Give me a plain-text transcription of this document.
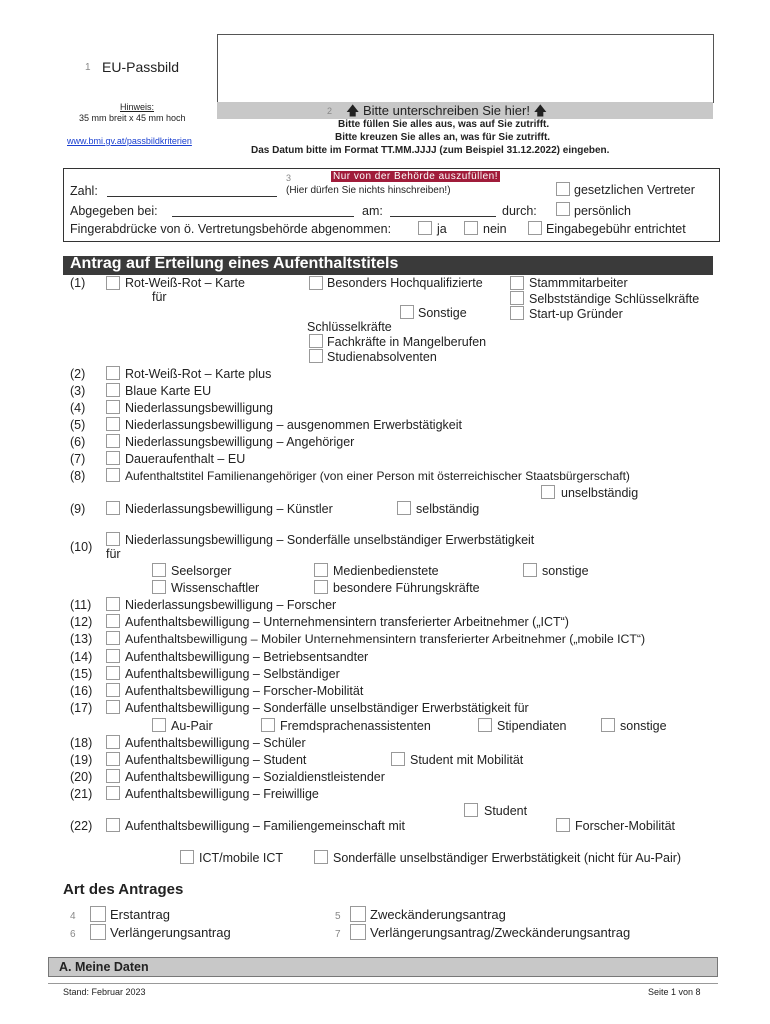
1 EU-Passbild
Hinweis:
35 mm breit x 45 mm hoch
www.bmi.gv.at/passbildkriterien
2 🡅 Bitte unterschreiben Sie hier! 🡅
Bitte füllen Sie alles aus, was auf Sie zutrifft.
Bitte kreuzen Sie alles an, was für Sie zutrifft.
Das Datum bitte im Format TT.MM.JJJJ (zum Beispiel 31.12.2022) eingeben.
3	Nur von der Behörde auszufüllen!
Zahl:	(Hier dürfen Sie nichts hinschreiben!)	gesetzlichen Vertreter
Abgegeben bei:	am:	durch:	persönlich
Fingerabdrücke von ö. Vertretungsbehörde abgenommen:	ja	nein	Eingabegebühr entrichtet
Antrag auf Erteilung eines Aufenthaltstitels
(1)	Rot-Weiß-Rot – Karte
für
Besonders Hochqualifizierte
Sonstige
Schlüsselkräfte
Fachkräfte in Mangelberufen
Studienabsolventen
Stammmitarbeiter
Selbstständige Schlüsselkräfte
Start-up Gründer
(2)	Rot-Weiß-Rot – Karte plus
(3)	Blaue Karte EU
(4)	Niederlassungsbewilligung
(5)	Niederlassungsbewilligung – ausgenommen Erwerbstätigkeit
(6)	Niederlassungsbewilligung – Angehöriger
(7)	Daueraufenthalt – EU
(8)	Aufenthaltstitel Familienangehöriger (von einer Person mit österreichischer Staatsbürgerschaft)
unselbständig
(9)	Niederlassungsbewilligung – Künstler	selbständig
(10)	Niederlassungsbewilligung – Sonderfälle unselbständiger Erwerbstätigkeit
für
Seelsorger	Medienbedienstete	sonstige
Wissenschaftler	besondere Führungskräfte
(11)	Niederlassungsbewilligung – Forscher
(12)	Aufenthaltsbewilligung – Unternehmensintern transferierter Arbeitnehmer („ICT“)
(13)	Aufenthaltsbewilligung – Mobiler Unternehmensintern transferierter Arbeitnehmer („mobile ICT“)
(14)	Aufenthaltsbewilligung – Betriebsentsandter
(15)	Aufenthaltsbewilligung – Selbständiger
(16)	Aufenthaltsbewilligung – Forscher-Mobilität
(17)	Aufenthaltsbewilligung – Sonderfälle unselbständiger Erwerbstätigkeit für
Au-Pair	Fremdsprachenassistenten	Stipendiaten	sonstige
(18)	Aufenthaltsbewilligung – Schüler
(19)	Aufenthaltsbewilligung – Student	Student mit Mobilität
(20)	Aufenthaltsbewilligung – Sozialdienstleistender
(21)	Aufenthaltsbewilligung – Freiwillige
Student
(22)	Aufenthaltsbewilligung – Familiengemeinschaft mit	Forscher-Mobilität
ICT/mobile ICT	Sonderfälle unselbständiger Erwerbstätigkeit (nicht für Au-Pair)
Art des Antrages
4	Erstantrag	5 Zweckänderungsantrag
6	Verlängerungsantrag	7 Verlängerungsantrag/Zweckänderungsantrag
A. Meine Daten
Stand: Februar 2023	Seite 1 von 8
